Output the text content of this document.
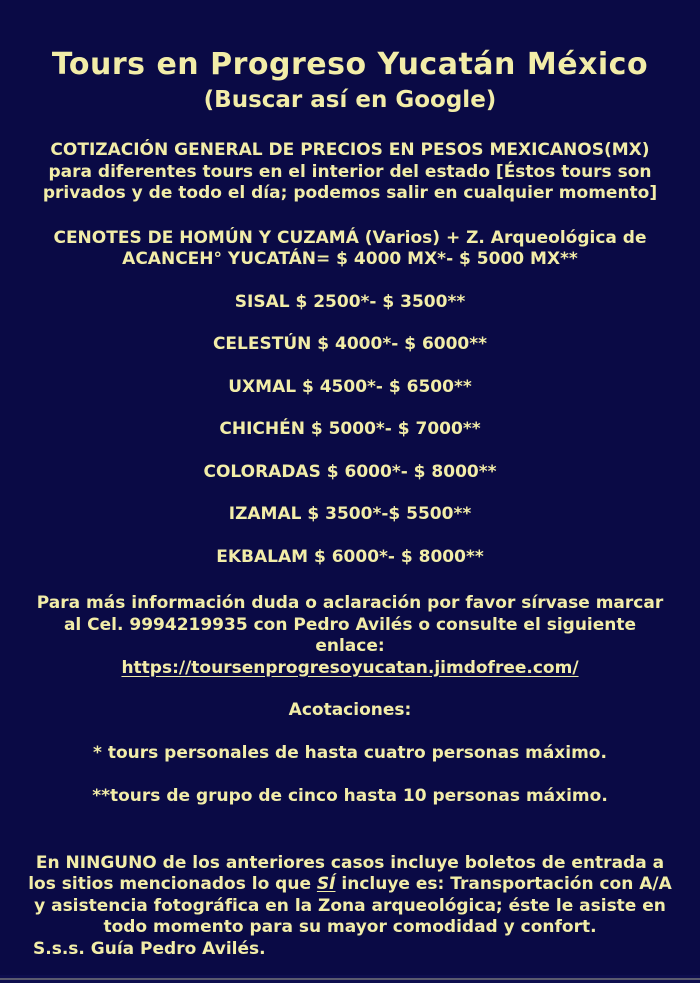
Tours en Progreso Yucatán México
(Buscar así en Google)
COTIZACIÓN GENERAL DE PRECIOS EN PESOS MEXICANOS(MX) para diferentes tours en el interior del estado [Éstos tours son privados y de todo el día; podemos salir en cualquier momento]
CENOTES DE HOMÚN Y CUZAMÁ (Varios) + Z. Arqueológica de ACANCEH° YUCATÁN= $ 4000 MX*- $ 5000 MX**
SISAL $ 2500*- $ 3500**
CELESTÚN $ 4000*- $ 6000**
UXMAL $ 4500*- $ 6500**
CHICHÉN $ 5000*- $ 7000**
COLORADAS $ 6000*- $ 8000**
IZAMAL $ 3500*-$ 5500**
EKBALAM $ 6000*- $ 8000**
Para más información duda o aclaración por favor sírvase marcar al Cel. 9994219935 con Pedro Avilés o consulte el siguiente enlace:
https://toursenprogresoyucatan.jimdofree.com/
Acotaciones:
* tours personales de hasta cuatro personas máximo.
**tours de grupo de cinco hasta 10 personas máximo.
En NINGUNO de los anteriores casos incluye boletos de entrada a los sitios mencionados lo que SÍ incluye es: Transportación con A/A y asistencia fotográfica en la Zona arqueológica; éste le asiste en todo momento para su mayor comodidad y confort.
S.s.s. Guía Pedro Avilés.
